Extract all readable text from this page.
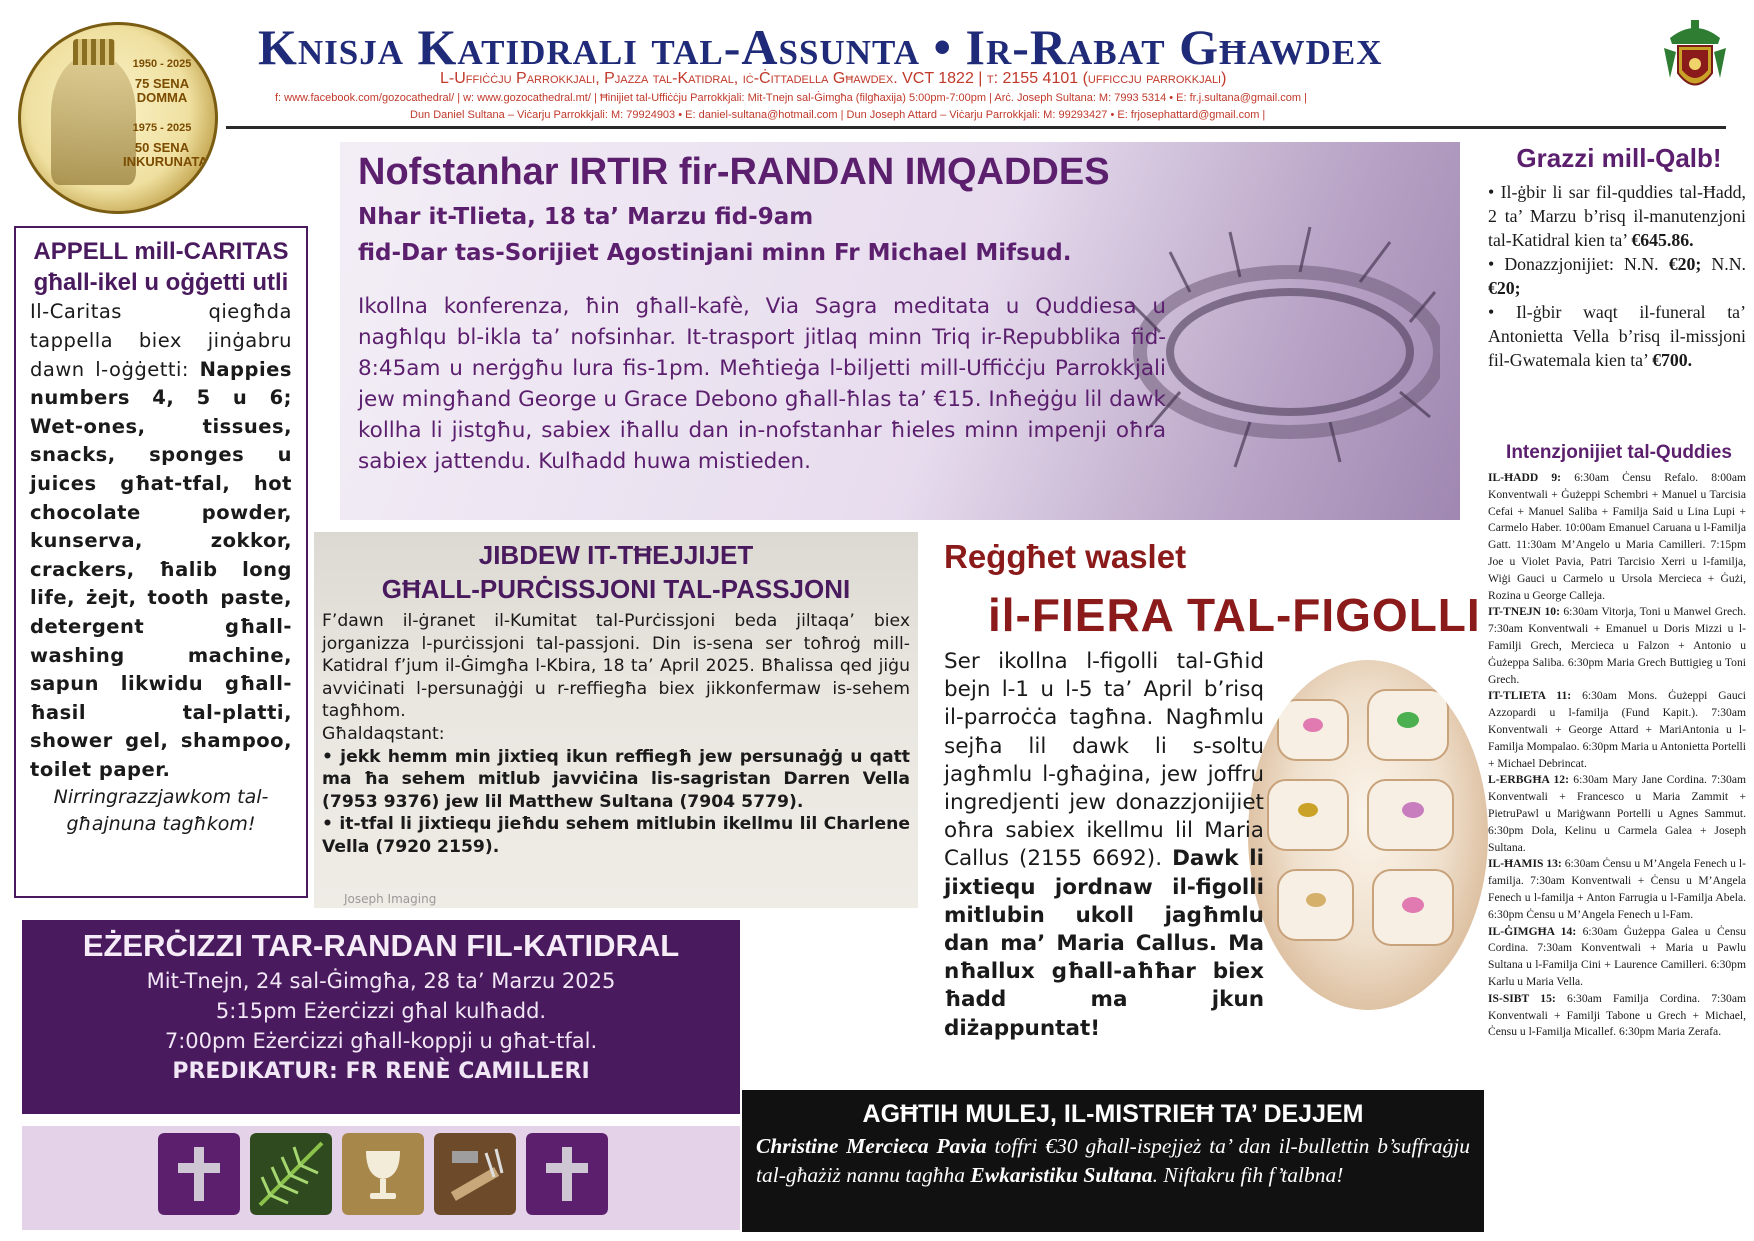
1950 - 2025
75 SENA DOMMA
1975 - 2025
50 SENA INKURUNATA
Knisja Katidrali tal-Assunta • Ir-Rabat Għawdex
L-Uffiċċju Parrokkjali, Pjazza tal-Katidral, iċ-Ċittadella Għawdex. VCT 1822 | t: 2155 4101 (ufficcju parrokkjali)
f: www.facebook.com/gozocathedral/ | w: www.gozocathedral.mt/ | Ħinijiet tal-Uffiċċju Parrokkjali: Mit-Tnejn sal-Ġimgħa (filgħaxija) 5:00pm-7:00pm | Arċ. Joseph Sultana: M: 7993 5314 • E: fr.j.sultana@gmail.com |
Dun Daniel Sultana – Viċarju Parrokkjali: M: 79924903 • E: daniel-sultana@hotmail.com | Dun Joseph Attard – Viċarju Parrokkjali: M: 99293427 • E: frjosephattard@gmail.com |
APPELL mill-CARITAS għall-ikel u oġġetti utli
Il-Caritas qiegħda tappella biex jinġabru dawn l-oġġetti: Nappies numbers 4, 5 u 6; Wet-ones, tissues, snacks, sponges u juices għat-tfal, hot chocolate powder, kunserva, zokkor, crackers, ħalib long life, żejt, tooth paste, detergent għall-washing machine, sapun likwidu għall-ħasil tal-platti, shower gel, shampoo, toilet paper.
Nirringrazzjawkom tal-għajnuna tagħkom!
Nofstanhar IRTIR fir-RANDAN IMQADDES
Nhar it-Tlieta, 18 ta’ Marzu fid-9am
fid-Dar tas-Sorijiet Agostinjani minn Fr Michael Mifsud.
Ikollna konferenza, ħin għall-kafè, Via Sagra meditata u Quddiesa u nagħlqu bl-ikla ta’ nofsinhar. It-trasport jitlaq minn Triq ir-Repubblika fid-8:45am u nerġgħu lura fis-1pm. Meħtieġa l-biljetti mill-Uffiċċju Parrokkjali jew mingħand George u Grace Debono għall-ħlas ta’ €15. Inħeġġu lil dawk kollha li jistgħu, sabiex iħallu dan in-nofstanhar ħieles minn impenji oħra sabiex jattendu. Kulħadd huwa mistieden.
JIBDEW IT-TĦEJJIJET
GĦALL-PURĊISSJONI TAL-PASSJONI
F’dawn il-ġranet il-Kumitat tal-Purċissjoni beda jiltaqa’ biex jorganizza l-purċissjoni tal-passjoni. Din is-sena ser toħroġ mill-Katidral f’jum il-Ġimgħa l-Kbira, 18 ta’ April 2025. Bħalissa qed jiġu avviċinati l-persunaġġi u r-reffiegħa biex jikkonfermaw is-sehem tagħhom.
Għaldaqstant:
• jekk hemm min jixtieq ikun reffiegħ jew persunaġġ u qatt ma ħa sehem mitlub javviċina lis-sagristan Darren Vella (7953 9376) jew lil Matthew Sultana (7904 5779).
• it-tfal li jixtiequ jieħdu sehem mitlubin ikellmu lil Charlene Vella (7920 2159).
Joseph Imaging
Reġgħet waslet
il-FIERA TAL-FIGOLLI
Ser ikollna l-figolli tal-Għid bejn l-1 u l-5 ta’ April b’risq il-parroċċa tagħna. Nagħmlu sejħa lil dawk li s-soltu jagħmlu l-għaġina, jew joffru ingredjenti jew donazzjonijiet oħra sabiex ikellmu lil Maria Callus (2155 6692). Dawk li jixtiequ jordnaw il-figolli mitlubin ukoll jagħmlu dan ma’ Maria Callus. Ma nħallux għall-aħħar biex ħadd ma jkun diżappuntat!
Grazzi mill-Qalb!
• Il-ġbir li sar fil-quddies tal-Ħadd, 2 ta’ Marzu b’risq il-manutenzjoni tal-Katidral kien ta’ €645.86.
• Donazzjonijiet: N.N. €20; N.N. €20;
• Il-ġbir waqt il-funeral ta’ Antonietta Vella b’risq il-missjoni fil-Gwatemala kien ta’ €700.
Intenzjonijiet tal-Quddies

IL-ĦADD 9: 6:30am Ċensu Refalo. 8:00am Konventwali + Ġużeppi Schembri + Manuel u Tarcisia Cefai + Manuel Saliba + Familja Said u Lina Lupi + Carmelo Haber. 10:00am Emanuel Caruana u l-Familja Gatt. 11:30am M’Angelo u Maria Camilleri. 7:15pm Joe u Violet Pavia, Patri Tarcisio Xerri u l-familja, Wiġi Gauci u Carmelo u Ursola Mercieca + Ġużi, Rozina u George Calleja.

IT-TNEJN 10: 6:30am Vitorja, Toni u Manwel Grech. 7:30am Konventwali + Emanuel u Doris Mizzi u l-Familji Grech, Mercieca u Falzon + Antonio u Ġużeppa Saliba. 6:30pm Maria Grech Buttigieg u Toni Grech.

IT-TLIETA 11: 6:30am Mons. Ġużeppi Gauci Azzopardi u l-familja (Fund Kapit.). 7:30am Konventwali + George Attard + MariAntonia u l-Familja Mompalao. 6:30pm Maria u Antonietta Portelli + Michael Debrincat.

L-ERBGĦA 12: 6:30am Mary Jane Cordina. 7:30am Konventwali + Francesco u Maria Zammit + PietruPawl u Mariġwann Portelli u Agnes Sammut. 6:30pm Dola, Kelinu u Carmela Galea + Joseph Sultana.

IL-ĦAMIS 13: 6:30am Ċensu u M’Angela Fenech u l-familja. 7:30am Konventwali + Ċensu u M’Angela Fenech u l-familja + Anton Farrugia u l-Familja Abela. 6:30pm Ċensu u M’Angela Fenech u l-Fam.

IL-ĠIMGĦA 14: 6:30am Ġużeppa Galea u Ċensu Cordina. 7:30am Konventwali + Maria u Pawlu Sultana u l-Familja Cini + Laurence Camilleri. 6:30pm Karlu u Maria Vella.

IS-SIBT 15: 6:30am Familja Cordina. 7:30am Konventwali + Familji Tabone u Grech + Michael, Ċensu u l-Familja Micallef. 6:30pm Maria Zerafa.

EŻERĊIZZI TAR-RANDAN FIL-KATIDRAL
Mit-Tnejn, 24 sal-Ġimgħa, 28 ta’ Marzu 2025
5:15pm Eżerċizzi għal kulħadd.
7:00pm Eżerċizzi għall-koppji u għat-tfal.
PREDIKATUR: FR RENÈ CAMILLERI
AGĦTIH MULEJ, IL-MISTRIEĦ TA’ DEJJEM
Christine Mercieca Pavia toffri €30 għall-ispejjeż ta’ dan il-bullettin b’suffraġju tal-għażiż nannu tagħha Ewkaristiku Sultana. Niftakru fih f’talbna!
